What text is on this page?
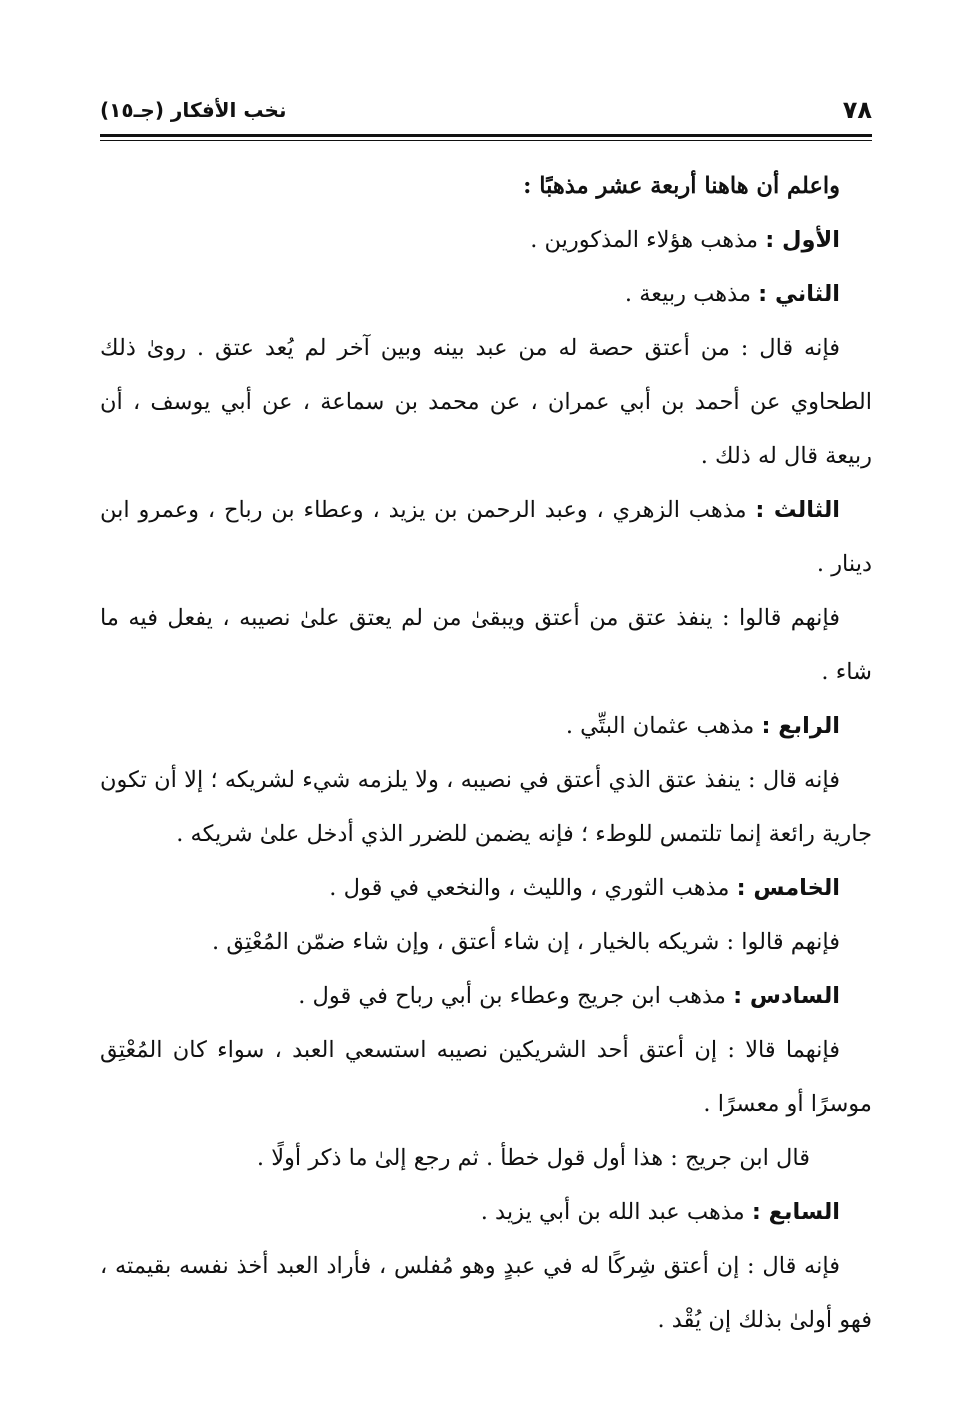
٧٨
نخب الأفكار (جـ١٥)

واعلم أن هاهنا أربعة عشر مذهبًا :

الأول : مذهب هؤلاء المذكورين .

الثاني : مذهب ربيعة .

فإنه قال : من أعتق حصة له من عبد بينه وبين آخر لم يُعد عتق . روىٰ ذلك الطحاوي عن أحمد بن أبي عمران ، عن محمد بن سماعة ، عن أبي يوسف ، أن ربيعة قال له ذلك .

الثالث : مذهب الزهري ، وعبد الرحمن بن يزيد ، وعطاء بن رباح ، وعمرو ابن دينار .

فإنهم قالوا : ينفذ عتق من أعتق ويبقىٰ من لم يعتق علىٰ نصيبه ، يفعل فيه ما شاء .

الرابع : مذهب عثمان البتِّي .

فإنه قال : ينفذ عتق الذي أعتق في نصيبه ، ولا يلزمه شيء لشريكه ؛ إلا أن تكون جارية رائعة إنما تلتمس للوطء ؛ فإنه يضمن للضرر الذي أدخل علىٰ شريكه .

الخامس : مذهب الثوري ، والليث ، والنخعي في قول .

فإنهم قالوا : شريكه بالخيار ، إن شاء أعتق ، وإن شاء ضمّن المُعْتِق .

السادس : مذهب ابن جريج وعطاء بن أبي رباح في قول .

فإنهما قالا : إن أعتق أحد الشريكين نصيبه استسعي العبد ، سواء كان المُعْتِق موسرًا أو معسرًا .

قال ابن جريج : هذا أول قول خطأ . ثم رجع إلىٰ ما ذكر أولًا .

السابع : مذهب عبد الله بن أبي يزيد .

فإنه قال : إن أعتق شِركًا له في عبدٍ وهو مُفلس ، فأراد العبد أخذ نفسه بقيمته ، فهو أولىٰ بذلك إن يُقْد .
